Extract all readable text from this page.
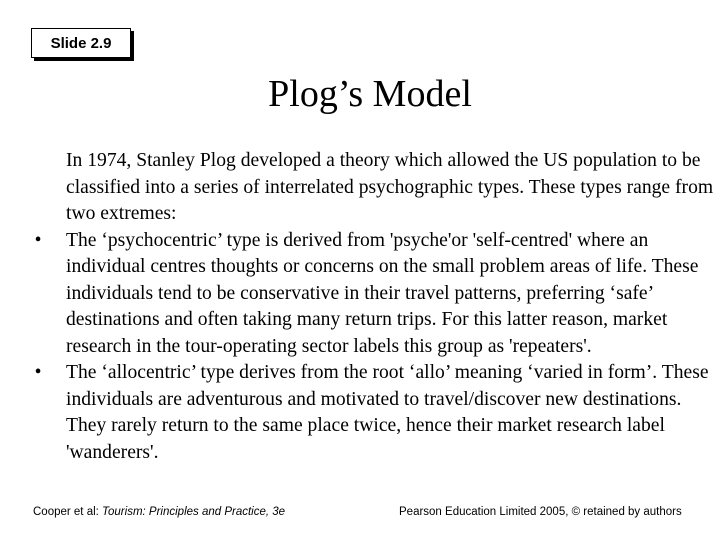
Slide 2.9
Plog’s Model

In 1974, Stanley Plog developed a theory which allowed the US population to be classified into a series of interrelated psychographic types. These types range from two extremes:

•	The ‘psychocentric’ type is derived from 'psyche'or 'self-centred' where an individual centres thoughts or concerns on the small problem areas of life. These individuals tend to be conservative in their travel patterns, preferring ‘safe’ destinations and often taking many return trips. For this latter reason, market research in the tour-operating sector labels this group as 'repeaters'.

•	The ‘allocentric’ type derives from the root ‘allo’ meaning ‘varied in form’. These individuals are adventurous and motivated to travel/discover new destinations. They rarely return to the same place twice, hence their market research label 'wanderers'.

Cooper et al: Tourism: Principles and Practice, 3e	Pearson Education Limited 2005, © retained by authors
